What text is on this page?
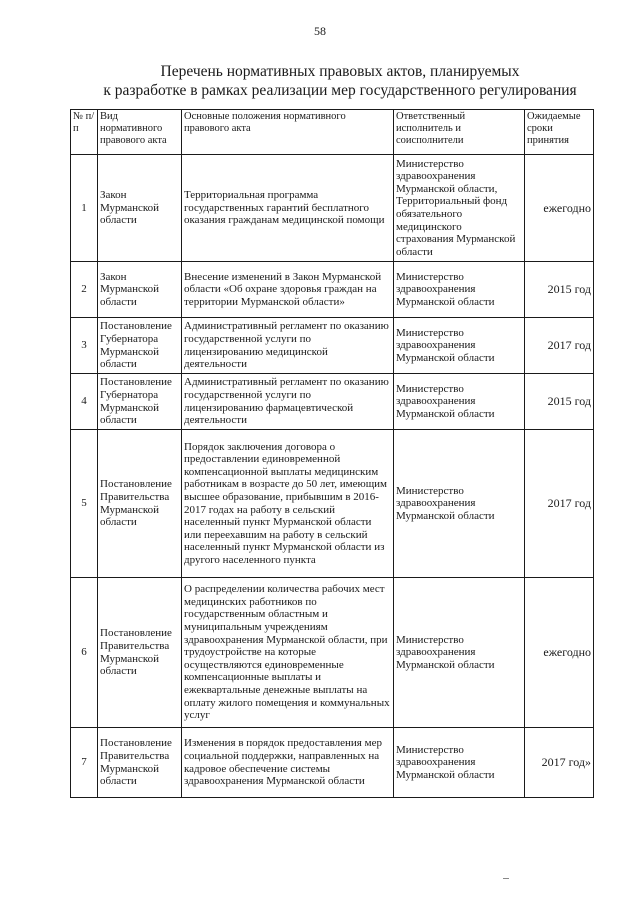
58
Перечень нормативных правовых актов, планируемых
к разработке в рамках реализации мер государственного регулирования
№ п/п	Вид нормативного правового акта	Основные положения нормативного правового акта	Ответственный исполнитель и соисполнители	Ожидаемые сроки принятия
1	Закон Мурманской области	Территориальная программа государственных гарантий бесплатного оказания гражданам медицинской помощи	Министерство здравоохранения Мурманской области, Территориальный фонд обязательного медицинского страхования Мурманской области	ежегодно
2	Закон Мурманской области	Внесение изменений в Закон Мурманской области «Об охране здоровья граждан на территории Мурманской области»	Министерство здравоохранения Мурманской области	2015 год
3	Постановление Губернатора Мурманской области	Административный регламент по оказанию государственной услуги по лицензированию медицинской деятельности	Министерство здравоохранения Мурманской области	2017 год
4	Постановление Губернатора Мурманской области	Административный регламент по оказанию государственной услуги по лицензированию фармацевтической деятельности	Министерство здравоохранения Мурманской области	2015 год
5	Постановление Правительства Мурманской области	Порядок заключения договора о предоставлении единовременной компенсационной выплаты медицинским работникам в возрасте до 50 лет, имеющим высшее образование, прибывшим в 2016-2017 годах на работу в сельский населенный пункт Мурманской области или переехавшим на работу в сельский населенный пункт Мурманской области из другого населенного пункта	Министерство здравоохранения Мурманской области	2017 год
6	Постановление Правительства Мурманской области	О распределении количества рабочих мест медицинских работников по государственным областным и муниципальным учреждениям здравоохранения Мурманской области, при трудоустройстве на которые осуществляются единовременные компенсационные выплаты и ежеквартальные денежные выплаты на оплату жилого помещения и коммунальных услуг	Министерство здравоохранения Мурманской области	ежегодно
7	Постановление Правительства Мурманской области	Изменения в порядок предоставления мер социальной поддержки, направленных на кадровое обеспечение системы здравоохранения Мурманской области	Министерство здравоохранения Мурманской области	2017 год»
